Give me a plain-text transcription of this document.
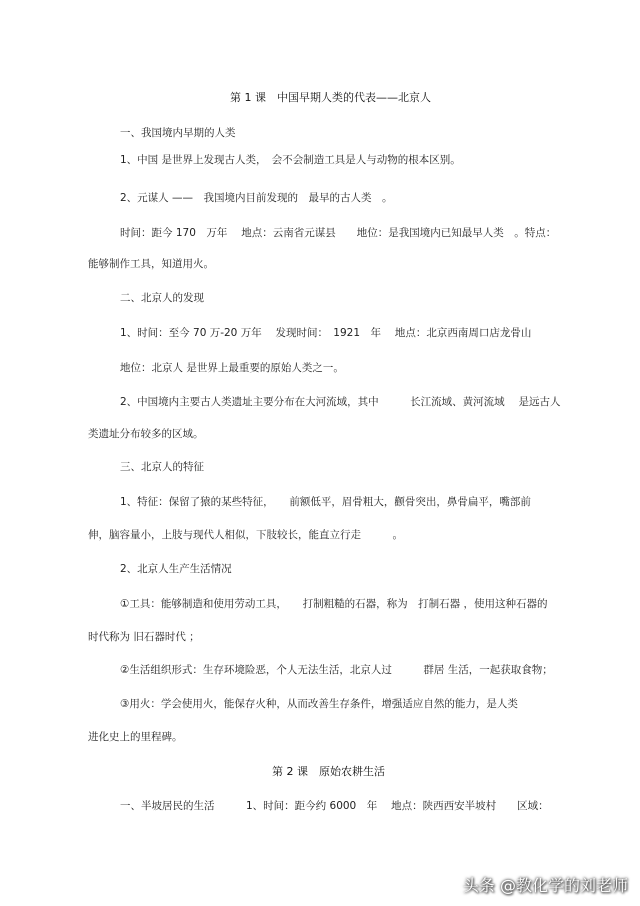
第 1 课　中国早期人类的代表——北京人
一、我国境内早期的人类
1、中国 是世界上发现古人类，　会不会制造工具是人与动物的根本区别。
2、元谋人 ——　我国境内目前发现的　最早的古人类　。
时间：距今 170　万年　 地点：云南省元谋县　　地位：是我国境内已知最早人类　。特点：
能够制作工具，知道用火。
二、北京人的发现
1、时间：至今 70 万-20 万年　 发现时间：　1921　年　 地点：北京西南周口店龙骨山
地位：北京人 是世界上最重要的原始人类之一。
2、中国境内主要古人类遗址主要分布在大河流域，其中　　　长江流域、黄河流域　 是远古人
类遗址分布较多的区域。
三、北京人的特征
1、特征：保留了猿的某些特征，　　前额低平，眉骨粗大，颧骨突出，鼻骨扁平，嘴部前
伸，脑容量小，上肢与现代人相似，下肢较长，能直立行走　　　。
2、北京人生产生活情况
①工具：能够制造和使用劳动工具，　　打制粗糙的石器，称为　打制石器 ，使用这种石器的
时代称为 旧石器时代 ；
②生活组织形式：生存环境险恶，个人无法生活，北京人过　　　群居 生活，一起获取食物；
③用火：学会使用火，能保存火种，从而改善生存条件，增强适应自然的能力，是人类
进化史上的里程碑。
第 2 课　原始农耕生活
一、半坡居民的生活　　　1、时间：距今约 6000　年　 地点：陕西西安半坡村　　区域：
头条 @教化学的刘老师
